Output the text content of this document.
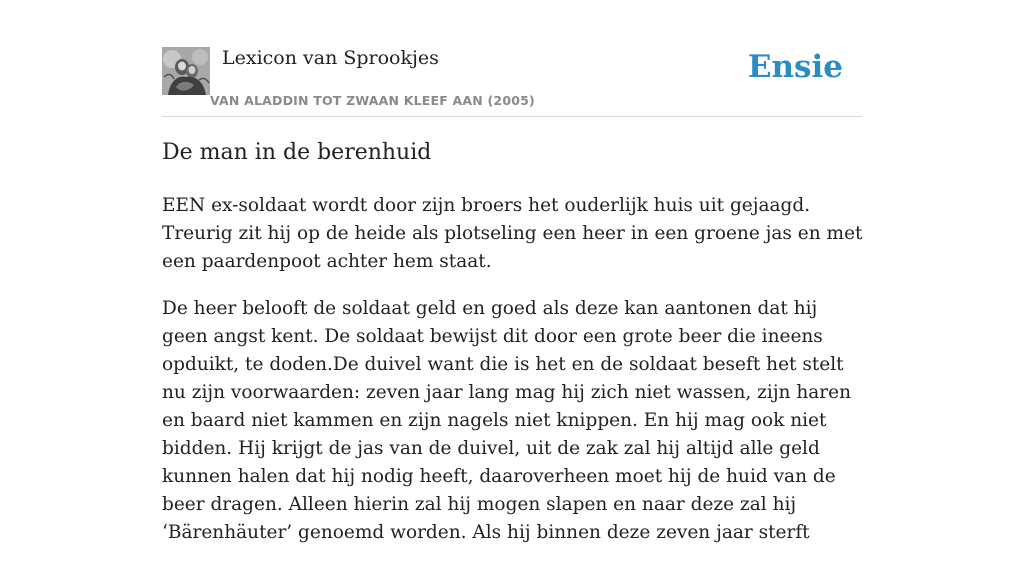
Lexicon van Sprookjes
VAN ALADDIN TOT ZWAAN KLEEF AAN (2005)
Ensie
De man in de berenhuid

EEN ex-soldaat wordt door zijn broers het ouderlijk huis uit gejaagd. Treurig zit hij op de heide als plotseling een heer in een groene jas en met een paardenpoot achter hem staat.

De heer belooft de soldaat geld en goed als deze kan aantonen dat hij geen angst kent. De soldaat bewijst dit door een grote beer die ineens opduikt, te doden.De duivel want die is het en de soldaat beseft het stelt nu zijn voorwaarden: zeven jaar lang mag hij zich niet wassen, zijn haren en baard niet kammen en zijn nagels niet knippen. En hij mag ook niet bidden. Hij krijgt de jas van de duivel, uit de zak zal hij altijd alle geld kunnen halen dat hij nodig heeft, daaroverheen moet hij de huid van de beer dragen. Alleen hierin zal hij mogen slapen en naar deze zal hij ‘Bärenhäuter’ genoemd worden. Als hij binnen deze zeven jaar sterft
